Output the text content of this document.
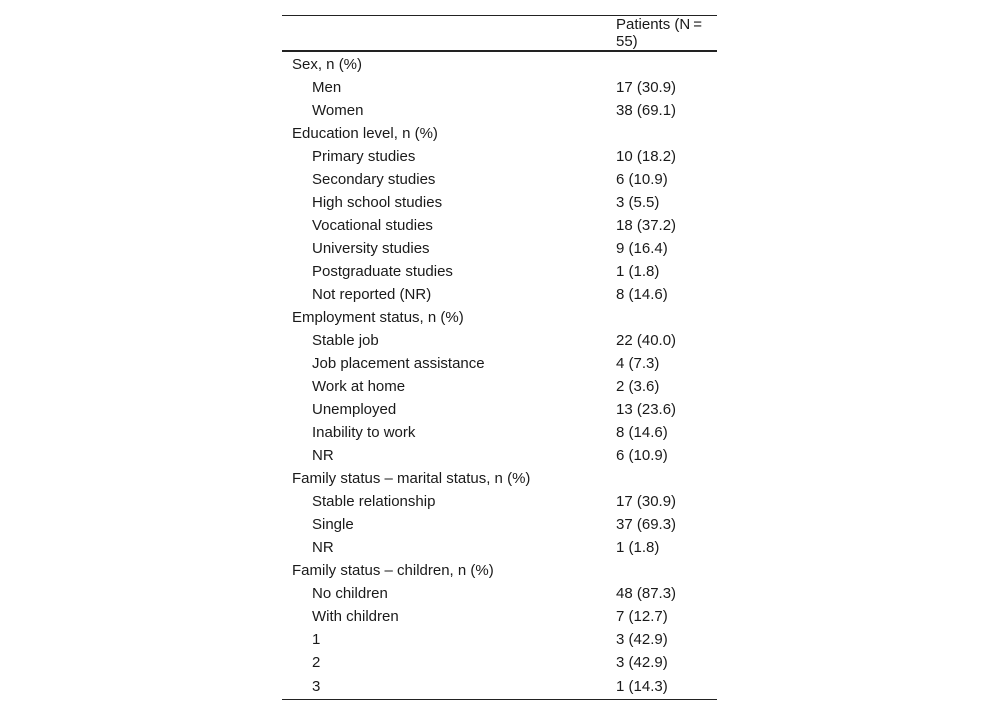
	Patients (N = 55)
Sex, n (%)	
Men	17 (30.9)
Women	38 (69.1)
Education level, n (%)	
Primary studies	10 (18.2)
Secondary studies	6 (10.9)
High school studies	3 (5.5)
Vocational studies	18 (37.2)
University studies	9 (16.4)
Postgraduate studies	1 (1.8)
Not reported (NR)	8 (14.6)
Employment status, n (%)	
Stable job	22 (40.0)
Job placement assistance	4 (7.3)
Work at home	2 (3.6)
Unemployed	13 (23.6)
Inability to work	8 (14.6)
NR	6 (10.9)
Family status – marital status, n (%)	
Stable relationship	17 (30.9)
Single	37 (69.3)
NR	1 (1.8)
Family status – children, n (%)	
No children	48 (87.3)
With children	7 (12.7)
1	3 (42.9)
2	3 (42.9)
3	1 (14.3)
